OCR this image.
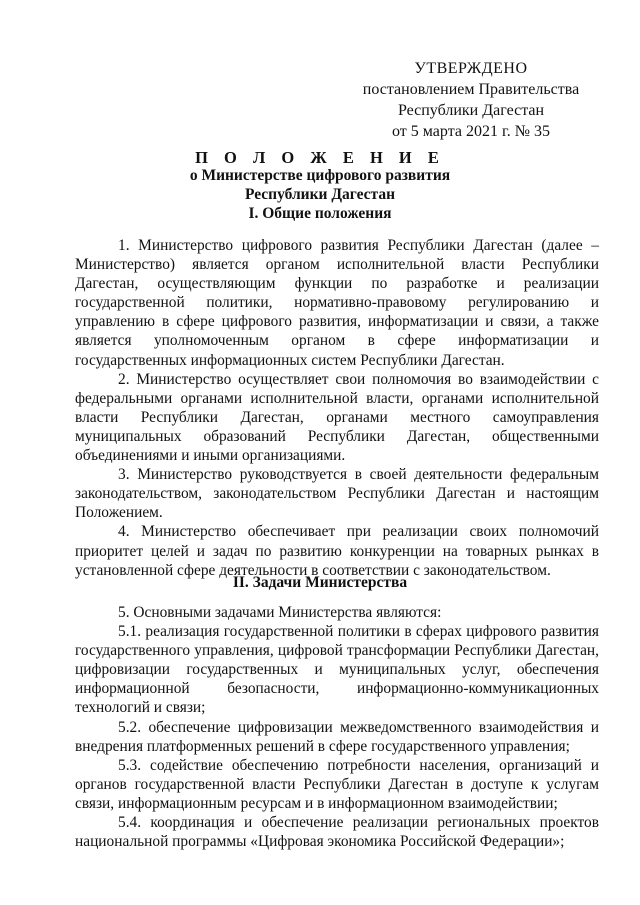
УТВЕРЖДЕНО
постановлением Правительства
Республики Дагестан
от 5 марта 2021 г. № 35
П О Л О Ж Е Н И Е
о Министерстве цифрового развития
Республики Дагестан
I. Общие положения

1. Министерство цифрового развития Республики Дагестан (далее – Министерство) является органом исполнительной власти Республики Дагестан, осуществляющим функции по разработке и реализации государственной политики, нормативно-правовому регулированию и управлению в сфере цифрового развития, информатизации и связи, а также является уполномоченным органом в сфере информатизации и государственных информационных систем Республики Дагестан.

2. Министерство осуществляет свои полномочия во взаимодействии с федеральными органами исполнительной власти, органами исполнительной власти Республики Дагестан, органами местного самоуправления муниципальных образований Республики Дагестан, общественными объединениями и иными организациями.

3. Министерство руководствуется в своей деятельности федеральным законодательством, законодательством Республики Дагестан и настоящим Положением.

4. Министерство обеспечивает при реализации своих полномочий приоритет целей и задач по развитию конкуренции на товарных рынках в установленной сфере деятельности в соответствии с законодательством.

II. Задачи Министерства

5. Основными задачами Министерства являются:

5.1. реализация государственной политики в сферах цифрового развития государственного управления, цифровой трансформации Республики Дагестан, цифровизации государственных и муниципальных услуг, обеспечения информационной безопасности, информационно-коммуникационных технологий и связи;

5.2. обеспечение цифровизации межведомственного взаимодействия и внедрения платформенных решений в сфере государственного управления;

5.3. содействие обеспечению потребности населения, организаций и органов государственной власти Республики Дагестан в доступе к услугам связи, информационным ресурсам и в информационном взаимодействии;

5.4. координация и обеспечение реализации региональных проектов национальной программы «Цифровая экономика Российской Федерации»;
